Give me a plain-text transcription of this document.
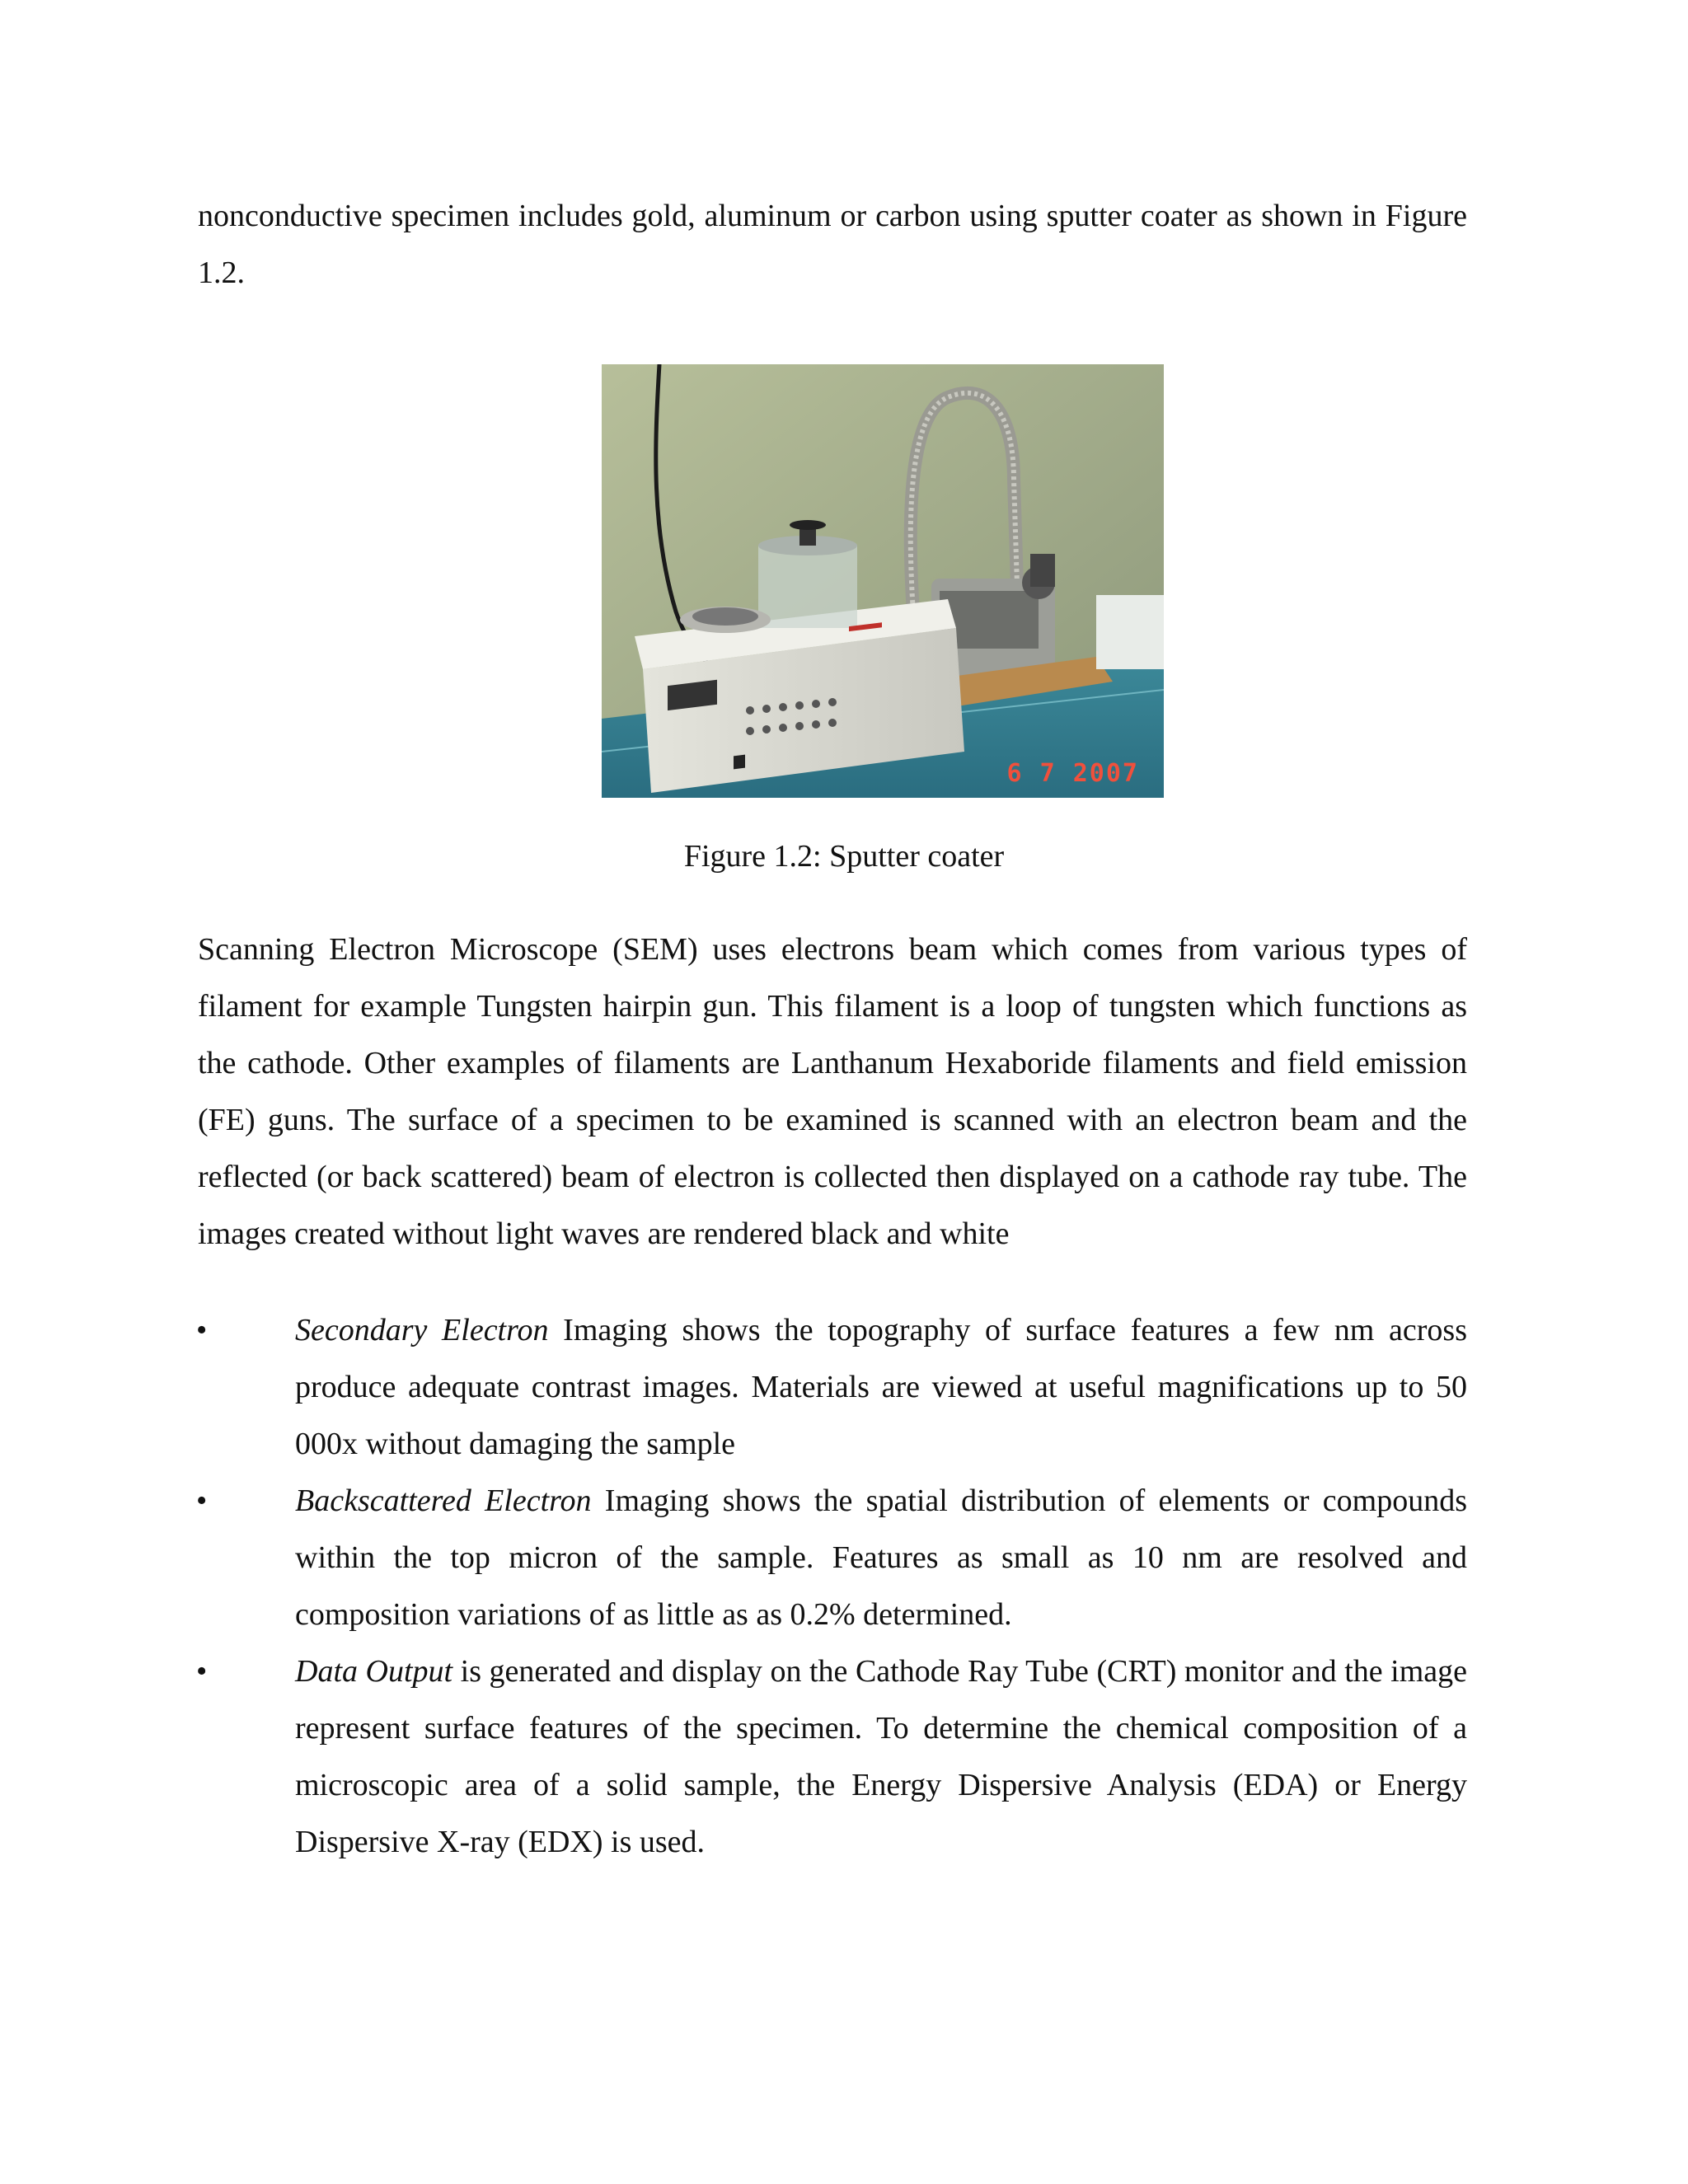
nonconductive specimen includes gold, aluminum or carbon using sputter coater as shown in Figure 1.2.

6 7 2007

Figure 1.2: Sputter coater

Scanning Electron Microscope (SEM) uses electrons beam which comes from various types of filament for example Tungsten hairpin gun. This filament is a loop of tungsten which functions as the cathode. Other examples of filaments are Lanthanum Hexaboride filaments and field emission (FE) guns. The surface of a specimen to be examined is scanned with an electron beam and the reflected (or back scattered) beam of electron is collected then displayed on a cathode ray tube. The images created without light waves are rendered black and white

•	Secondary Electron Imaging shows the topography of surface features a few nm across produce adequate contrast images. Materials are viewed at useful magnifications up to 50 000x without damaging the sample
•	Backscattered Electron Imaging shows the spatial distribution of elements or compounds within the top micron of the sample. Features as small as 10 nm are resolved and composition variations of as little as as 0.2% determined.
•	Data Output is generated and display on the Cathode Ray Tube (CRT) monitor and the image represent surface features of the specimen. To determine the chemical composition of a microscopic area of a solid sample, the Energy Dispersive Analysis (EDA) or Energy Dispersive X-ray (EDX) is used.
